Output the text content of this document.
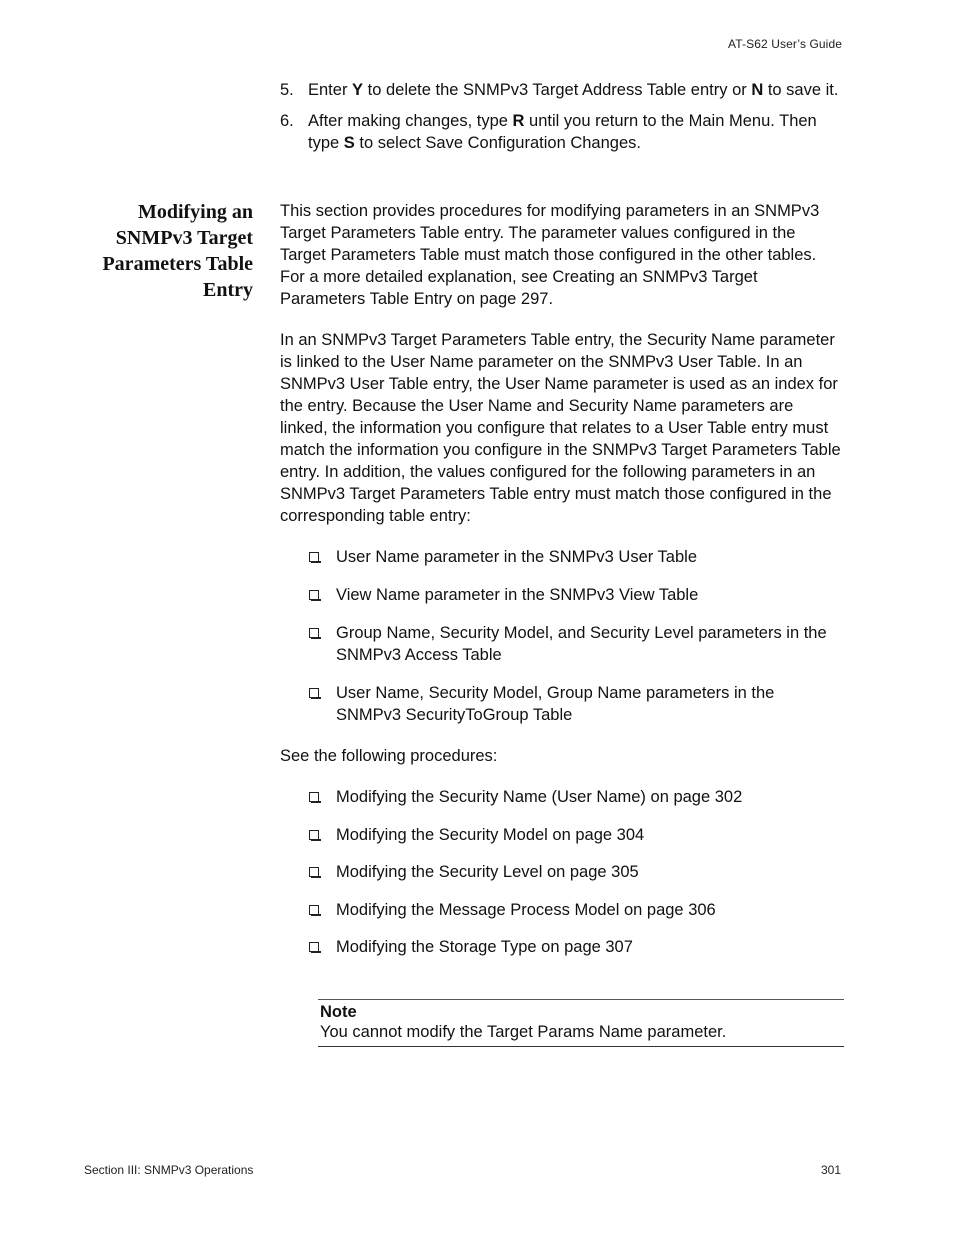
AT-S62 User’s Guide
5. Enter Y to delete the SNMPv3 Target Address Table entry or N to save it.
6. After making changes, type R until you return to the Main Menu. Then type S to select Save Configuration Changes.
Modifying an SNMPv3 Target Parameters Table Entry

This section provides procedures for modifying parameters in an SNMPv3 Target Parameters Table entry. The parameter values configured in the Target Parameters Table must match those configured in the other tables. For a more detailed explanation, see Creating an SNMPv3 Target Parameters Table Entry on page 297.

In an SNMPv3 Target Parameters Table entry, the Security Name parameter is linked to the User Name parameter on the SNMPv3 User Table. In an SNMPv3 User Table entry, the User Name parameter is used as an index for the entry. Because the User Name and Security Name parameters are linked, the information you configure that relates to a User Table entry must match the information you configure in the SNMPv3 Target Parameters Table entry. In addition, the values configured for the following parameters in an SNMPv3 Target Parameters Table entry must match those configured in the corresponding table entry:

User Name parameter in the SNMPv3 User Table
View Name parameter in the SNMPv3 View Table
Group Name, Security Model, and Security Level parameters in the SNMPv3 Access Table
User Name, Security Model, Group Name parameters in the SNMPv3 SecurityToGroup Table

See the following procedures:

Modifying the Security Name (User Name) on page 302
Modifying the Security Model on page 304
Modifying the Security Level on page 305
Modifying the Message Process Model on page 306
Modifying the Storage Type on page 307
Note
You cannot modify the Target Params Name parameter.
Section III: SNMPv3 Operations	301
